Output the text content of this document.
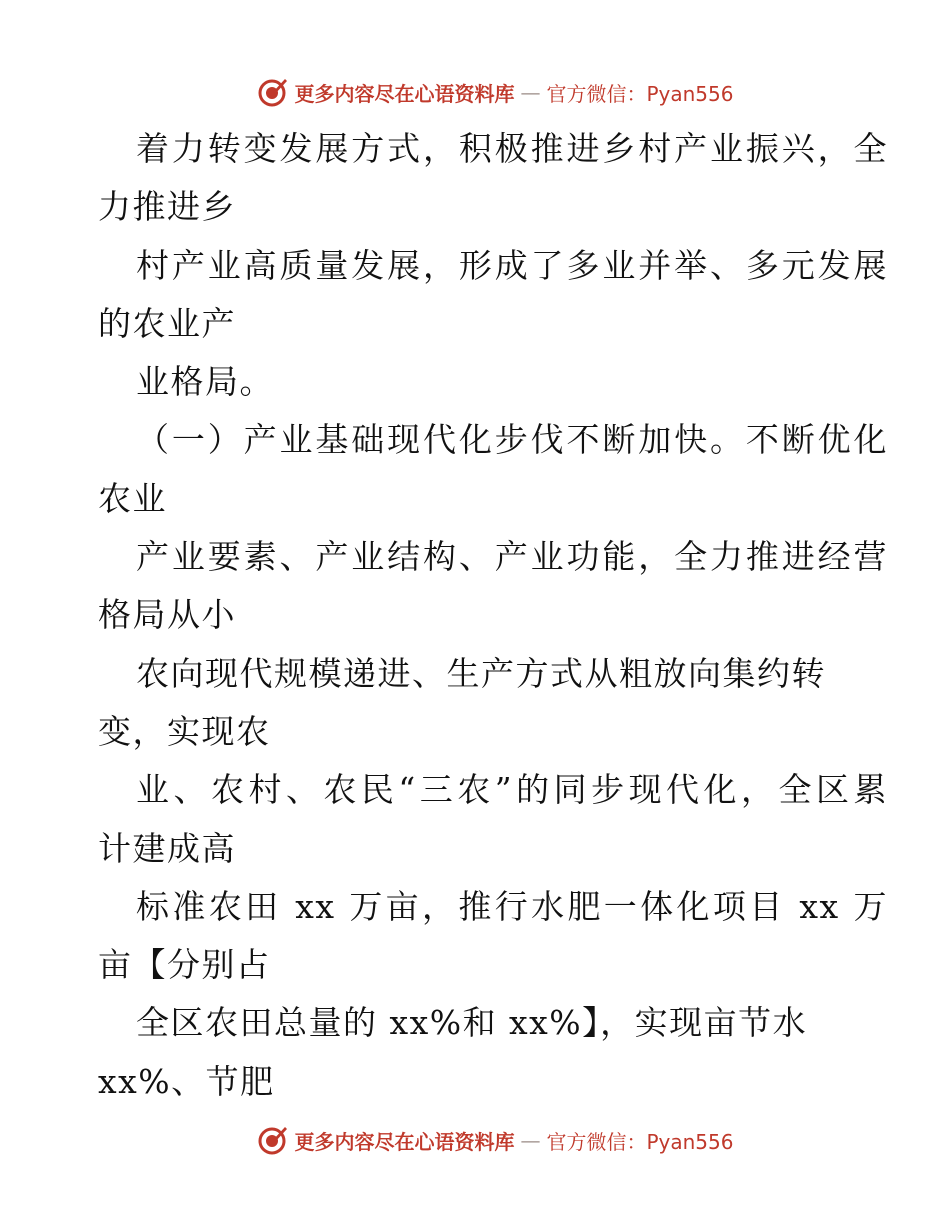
更多内容尽在心语资料库 — 官方微信：Pyan556
着力转变发展方式，积极推进乡村产业振兴，全
力推进乡
村产业高质量发展，形成了多业并举、多元发展
的农业产
业格局。
（一）产业基础现代化步伐不断加快。不断优化
农业
产业要素、产业结构、产业功能，全力推进经营
格局从小
农向现代规模递进、生产方式从粗放向集约转
变，实现农
业、农村、农民“三农”的同步现代化，全区累
计建成高
标准农田 xx 万亩，推行水肥一体化项目 xx 万
亩【分别占
全区农田总量的 xx%和 xx%】，实现亩节水
xx%、节肥
更多内容尽在心语资料库 — 官方微信：Pyan556
